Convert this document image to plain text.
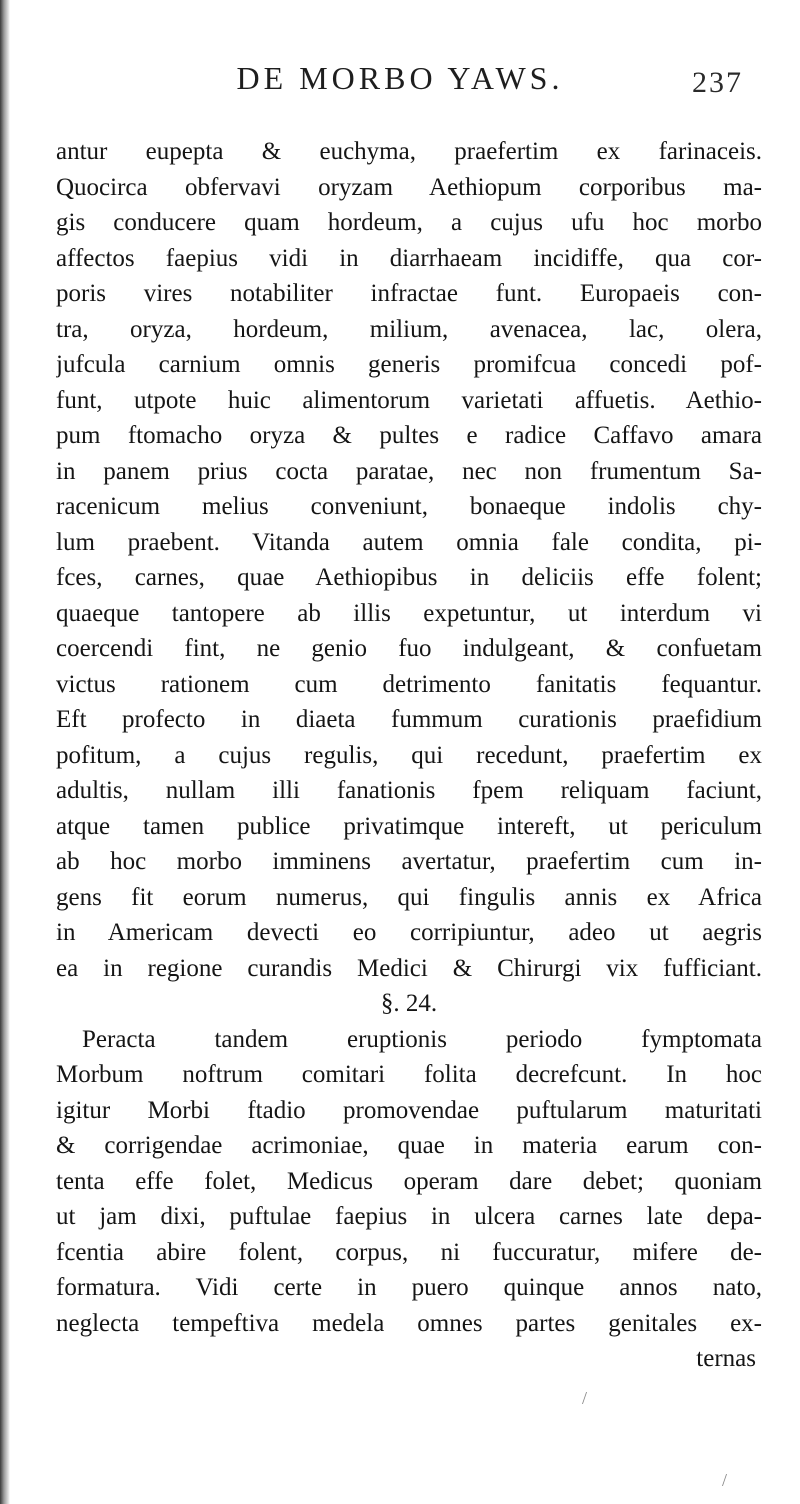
DE MORBO YAWS.	237
antur eupepta & euchyma, praefertim ex farinaceis.
Quocirca obfervavi oryzam Aethiopum corporibus ma-
gis conducere quam hordeum, a cujus ufu hoc morbo
affectos faepius vidi in diarrhaeam incidiffe, qua cor-
poris vires notabiliter infractae funt. Europaeis con-
tra, oryza, hordeum, milium, avenacea, lac, olera,
jufcula carnium omnis generis promifcua concedi pof-
funt, utpote huic alimentorum varietati affuetis. Aethio-
pum ftomacho oryza & pultes e radice Caffavo amara
in panem prius cocta paratae, nec non frumentum Sa-
racenicum melius conveniunt, bonaeque indolis chy-
lum praebent. Vitanda autem omnia fale condita, pi-
fces, carnes, quae Aethiopibus in deliciis effe folent;
quaeque tantopere ab illis expetuntur, ut interdum vi
coercendi fint, ne genio fuo indulgeant, & confuetam
victus rationem cum detrimento fanitatis fequantur.
Eft profecto in diaeta fummum curationis praefidium
pofitum, a cujus regulis, qui recedunt, praefertim ex
adultis, nullam illi fanationis fpem reliquam faciunt,
atque tamen publice privatimque intereft, ut periculum
ab hoc morbo imminens avertatur, praefertim cum in-
gens fit eorum numerus, qui fingulis annis ex Africa
in Americam devecti eo corripiuntur, adeo ut aegris
ea in regione curandis Medici & Chirurgi vix fufficiant.
§. 24.
Peracta tandem eruptionis periodo fymptomata
Morbum noftrum comitari folita decrefcunt. In hoc
igitur Morbi ftadio promovendae puftularum maturitati
& corrigendae acrimoniae, quae in materia earum con-
tenta effe folet, Medicus operam dare debet; quoniam
ut jam dixi, puftulae faepius in ulcera carnes late depa-
fcentia abire folent, corpus, ni fuccuratur, mifere de-
formatura. Vidi certe in puero quinque annos nato,
neglecta tempeftiva medela omnes partes genitales ex-
ternas
/
/
